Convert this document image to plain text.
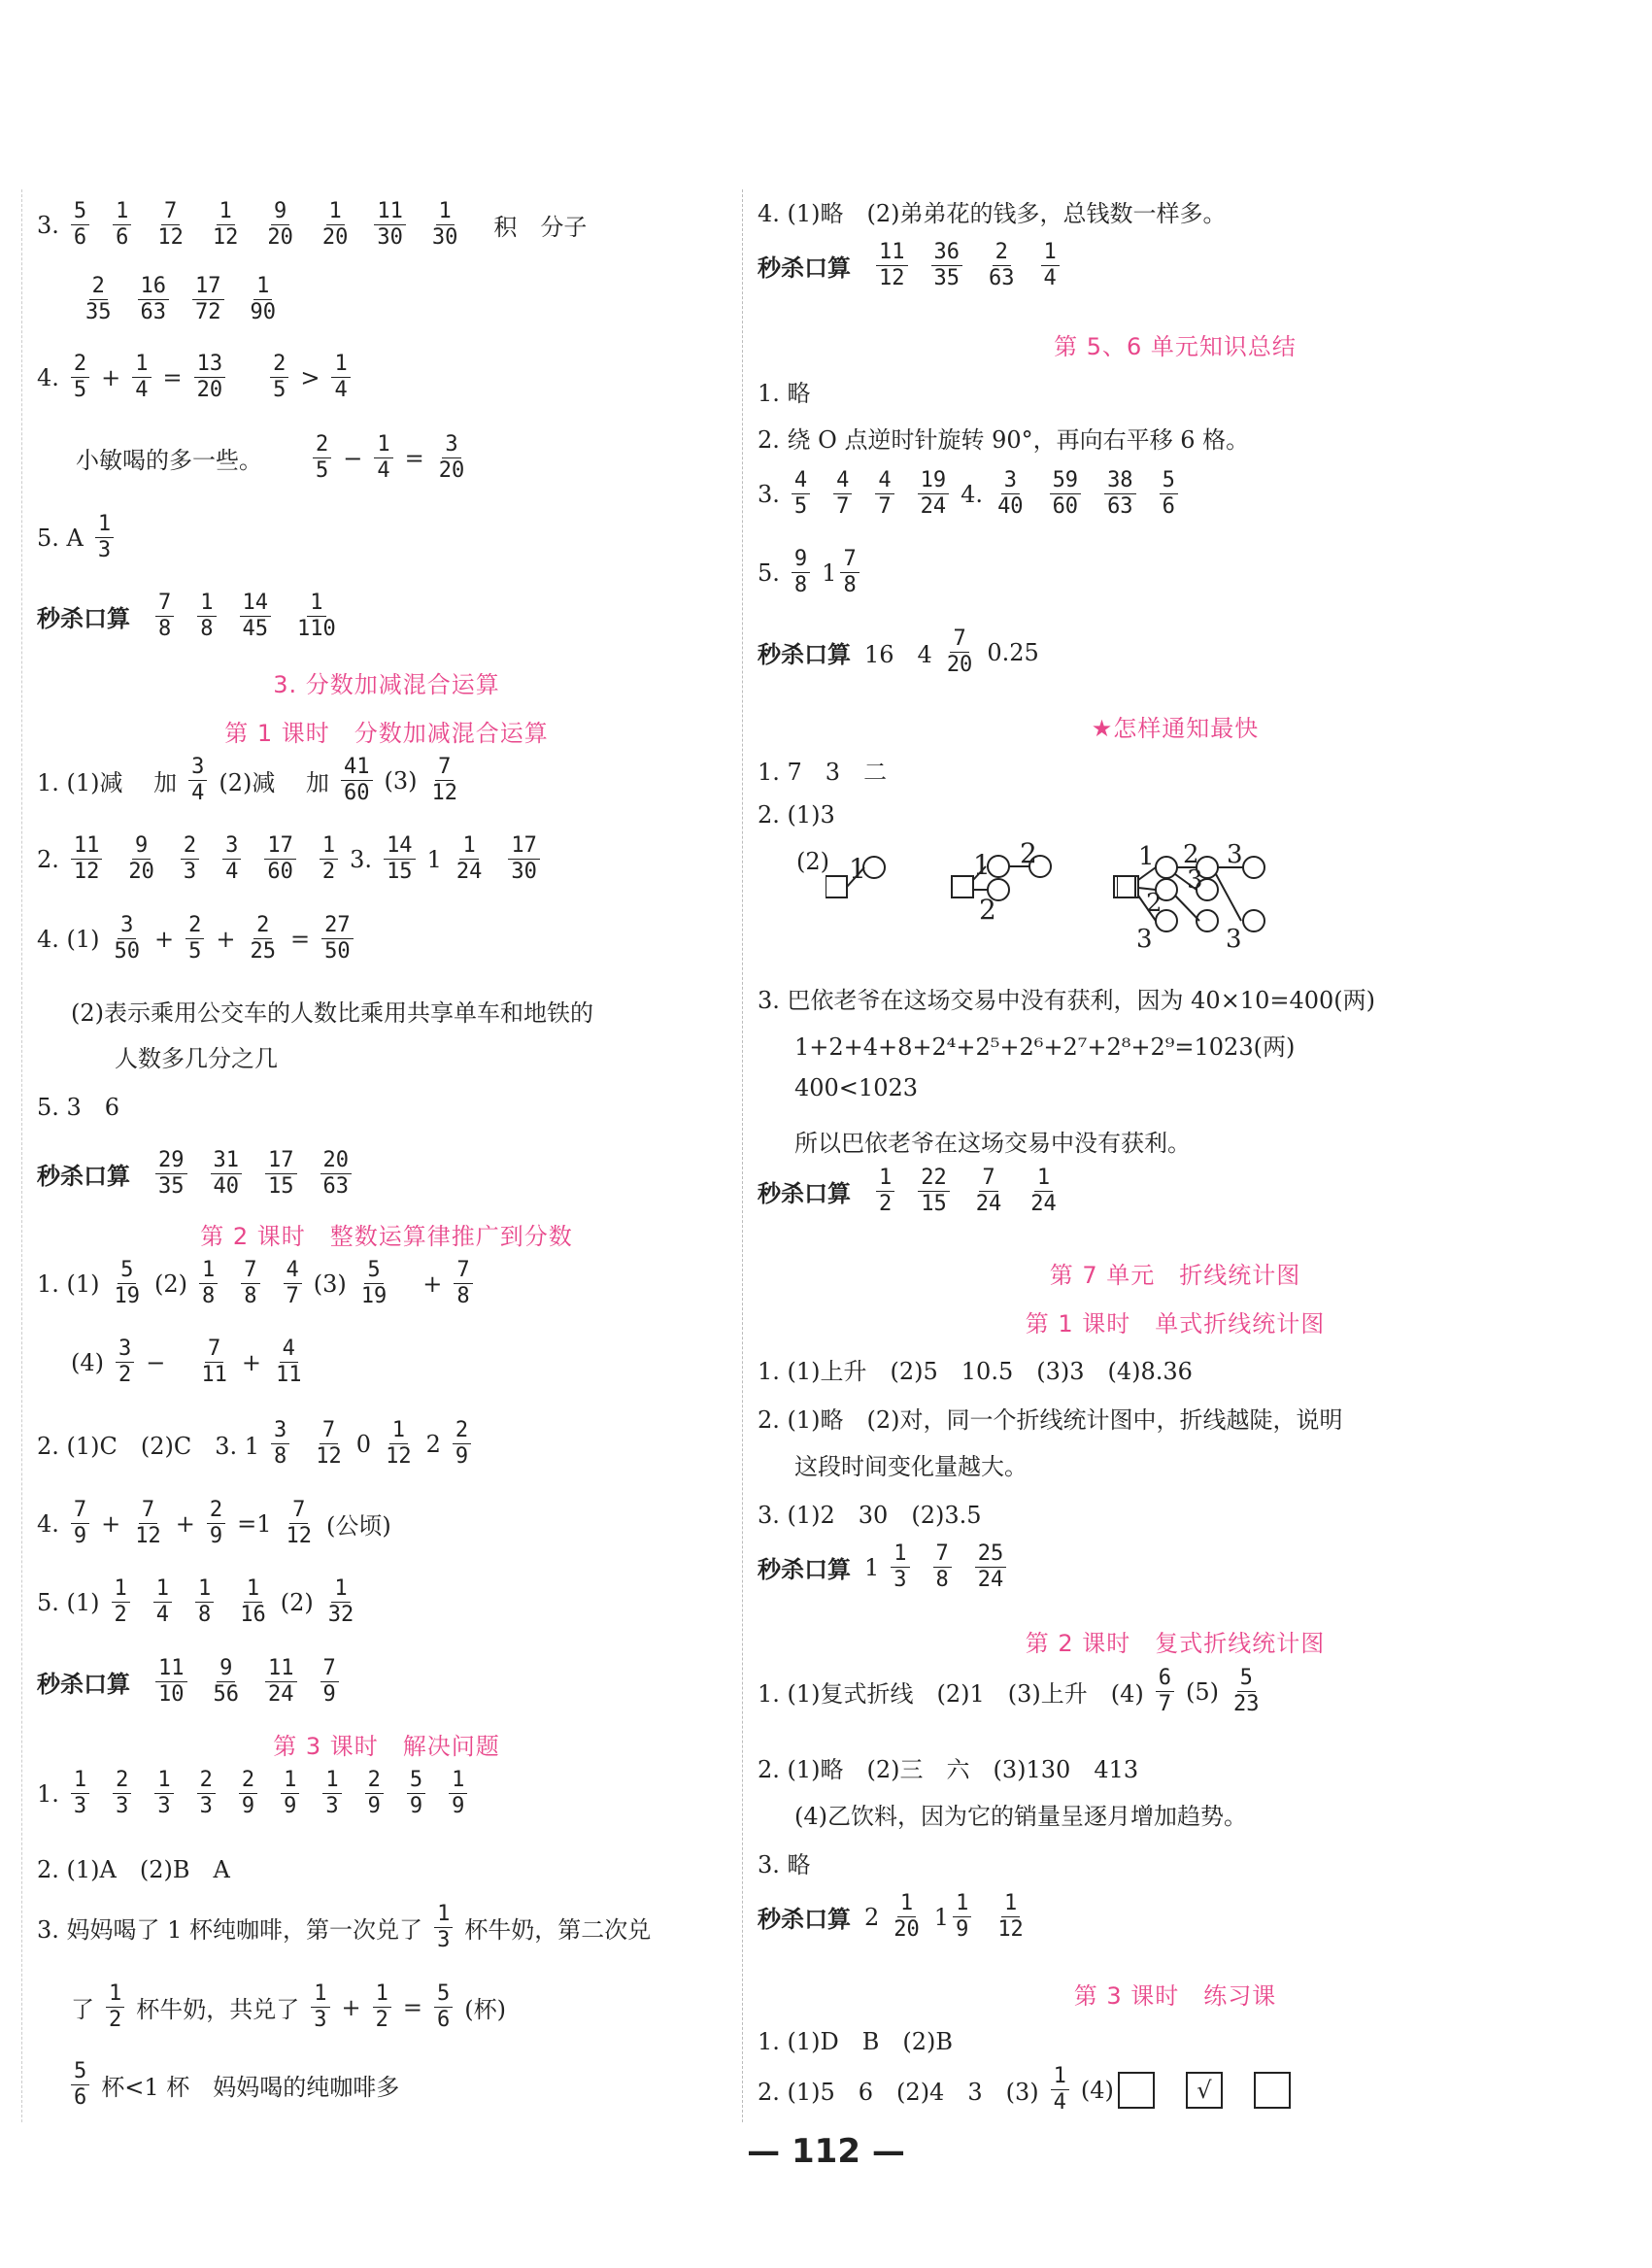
3. $\frac{5}{6} \frac{1}{6} \frac{7}{12} \frac{1}{12} \frac{9}{20} \frac{1}{20} \frac{11}{30} \frac{1}{30}$ 积　分子
$\frac{2}{35} \frac{16}{63} \frac{17}{72} \frac{1}{90}$
4. $\frac{2}{5} + \frac{1}{4} = \frac{13}{20} \frac{2}{5} > \frac{1}{4}$
小敏喝的多一些。 $\frac{2}{5} - \frac{1}{4} = \frac{3}{20}$
5. A $\frac{1}{3}$
秒杀口算 $\frac{7}{8} \frac{1}{8} \frac{14}{45} \frac{1}{110}$
3. 分数加减混合运算
第 1 课时　分数加减混合运算
1. (1)减　 加 $\frac{3}{4} (2)$减　 加 $\frac{41}{60} (3) \frac{7}{12}$
2. $\frac{11}{12} \frac{9}{20} \frac{2}{3} \frac{3}{4} \frac{17}{60} \frac{1}{2} 3$. $\frac{14}{15} 1 \frac{1}{24} \frac{17}{30}$
4. $(1) \frac{3}{50} + \frac{2}{5} + \frac{2}{25} = \frac{27}{50}$
(2)表示乘用公交车的人数比乘用共享单车和地铁的
人数多几分之几
5. 3　6
秒杀口算 $\frac{29}{35} \frac{31}{40} \frac{17}{15} \frac{20}{63}$
第 2 课时　整数运算律推广到分数
1. $(1) \frac{5}{19} (2) \frac{1}{8} \frac{7}{8} \frac{4}{7} (3) \frac{5}{19} + \frac{7}{8}$
$(4) \frac{3}{2} - \frac{7}{11} + \frac{4}{11}$
2. (1)C　(2)C　3. $1 \frac{3}{8} \frac{7}{12} 0 \frac{1}{12} 2 \frac{2}{9}$
4. $\frac{7}{9} + \frac{7}{12} + \frac{2}{9} =1 \frac{7}{12}$ (公顷)
5. $(1) \frac{1}{2} \frac{1}{4} \frac{1}{8} \frac{1}{16} (2) \frac{1}{32}$
秒杀口算 $\frac{11}{10} \frac{9}{56} \frac{11}{24} \frac{7}{9}$
第 3 课时　解决问题
1. $\frac{1}{3} \frac{2}{3} \frac{1}{3} \frac{2}{3} \frac{2}{9} \frac{1}{9} \frac{1}{3} \frac{2}{9} \frac{5}{9} \frac{1}{9}$
2. (1)A　(2)B　A
3. 妈妈喝了 1 杯纯咖啡，第一次兑了 $\frac{1}{3}$ 杯牛奶，第二次兑
了 $\frac{1}{2}$ 杯牛奶，共兑了 $\frac{1}{3} + \frac{1}{2} = \frac{5}{6}$ (杯)
$\frac{5}{6}$ 杯<1 杯　妈妈喝的纯咖啡多
4. (1)略　(2)弟弟花的钱多，总钱数一样多。
秒杀口算 $\frac{11}{12} \frac{36}{35} \frac{2}{63} \frac{1}{4}$
第 5、6 单元知识总结
1. 略
2. 绕 O 点逆时针旋转 90°，再向右平移 6 格。
3. $\frac{4}{5} \frac{4}{7} \frac{4}{7} \frac{19}{24} 4$. $\frac{3}{40} \frac{59}{60} \frac{38}{63} \frac{5}{6}$
5. $\frac{9}{8} 1 \frac{7}{8}$
秒杀口算 16　$4 \frac{7}{20} 0.25$
★怎样通知最快
1. 7　3　二
2. (1)3
(2) 1	1
2
2	1
2
3
2
3
3
3
3. 巴依老爷在这场交易中没有获利，因为 40×10=400(两)
1+2+4+8+2⁴+2⁵+2⁶+2⁷+2⁸+2⁹=1023(两)
400<1023
所以巴依老爷在这场交易中没有获利。
秒杀口算 $\frac{1}{2} \frac{22}{15} \frac{7}{24} \frac{1}{24}$
第 7 单元　折线统计图
第 1 课时　单式折线统计图
1. (1)上升　(2)5　10.5　(3)3　(4)8.36
2. (1)略　(2)对，同一个折线统计图中，折线越陡，说明
这段时间变化量越大。
3. (1)2　30　(2)3.5
秒杀口算 $1 \frac{1}{3} \frac{7}{8} \frac{25}{24}$
第 2 课时　复式折线统计图
1. (1)复式折线　(2)1　(3)上升　$(4) \frac{6}{7} (5) \frac{5}{23}$
2. (1)略　(2)三　六　(3)130　413
(4)乙饮料，因为它的销量呈逐月增加趋势。
3. 略
秒杀口算 $2 \frac{1}{20} 1 \frac{1}{9} \frac{1}{12}$
第 3 课时　练习课
1. (1)D　B　(2)B
2. (1)5　6　(2)4　3　$(3) \frac{1}{4} (4)$	√
— 112 —
